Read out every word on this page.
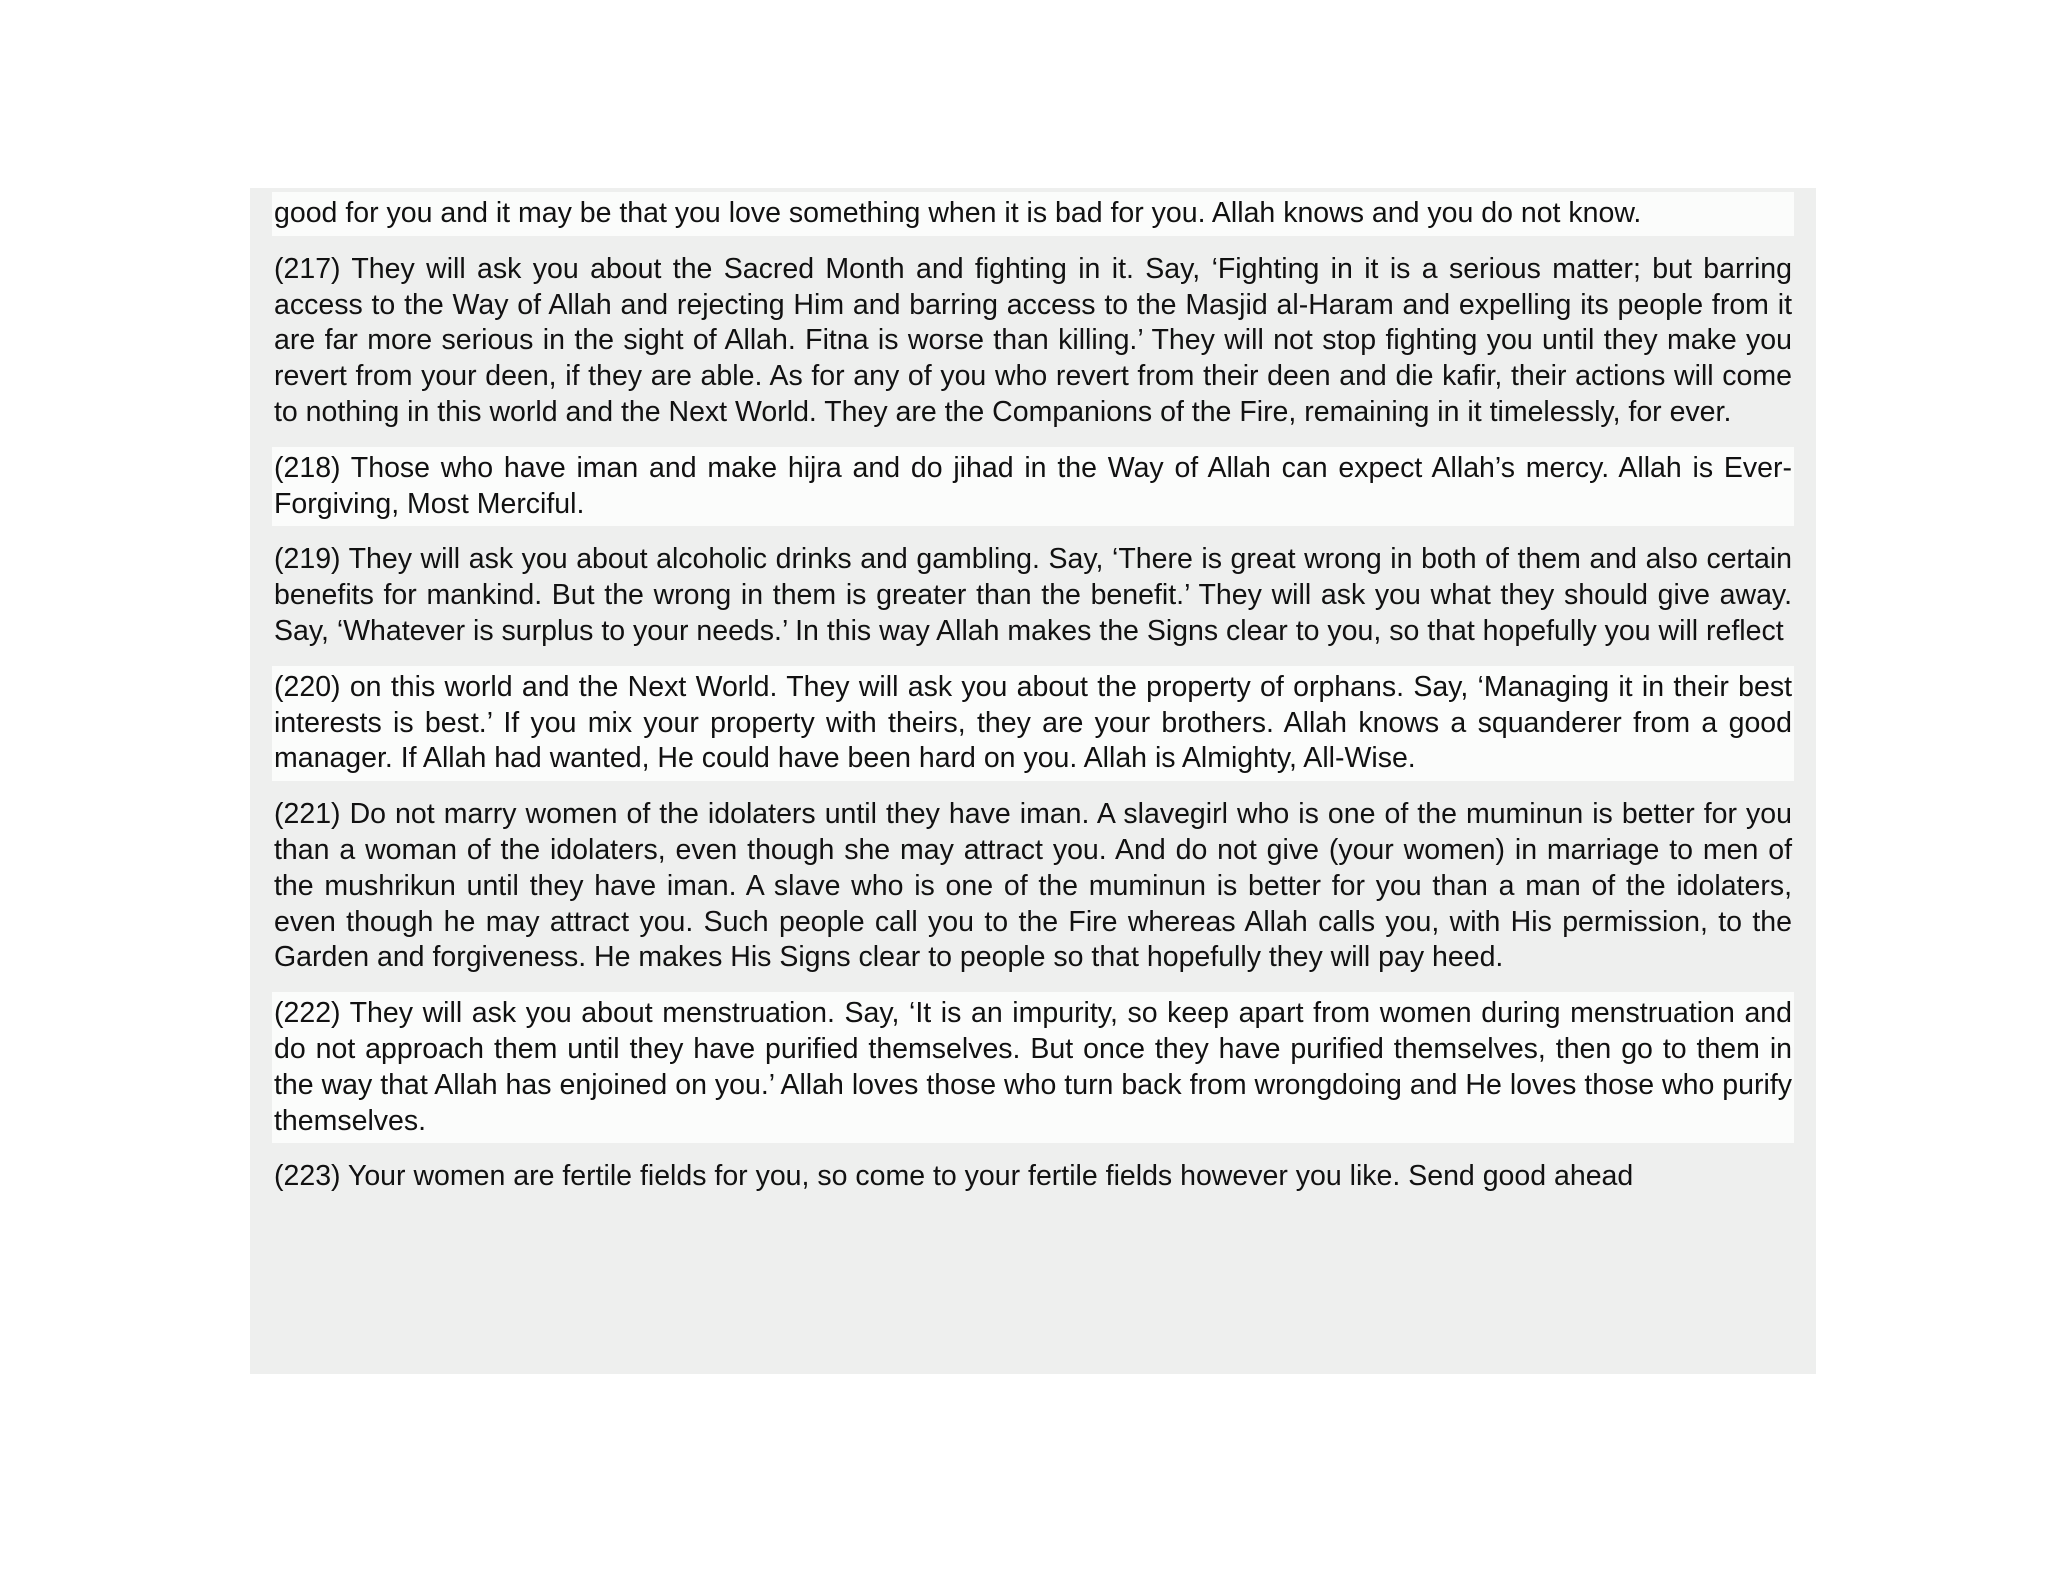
good for you and it may be that you love something when it is bad for you. Allah knows and you do not know.
(217) They will ask you about the Sacred Month and fighting in it. Say, ‘Fighting in it is a serious matter; but barring access to the Way of Allah and rejecting Him and barring access to the Masjid al-Haram and expelling its people from it are far more serious in the sight of Allah. Fitna is worse than killing.’ They will not stop fighting you until they make you revert from your deen, if they are able. As for any of you who revert from their deen and die kafir, their actions will come to nothing in this world and the Next World. They are the Companions of the Fire, remaining in it timelessly, for ever.
(218) Those who have iman and make hijra and do jihad in the Way of Allah can expect Allah’s mercy. Allah is Ever-Forgiving, Most Merciful.
(219) They will ask you about alcoholic drinks and gambling. Say, ‘There is great wrong in both of them and also certain benefits for mankind. But the wrong in them is greater than the benefit.’ They will ask you what they should give away. Say, ‘Whatever is surplus to your needs.’ In this way Allah makes the Signs clear to you, so that hopefully you will reflect
(220) on this world and the Next World. They will ask you about the property of orphans. Say, ‘Managing it in their best interests is best.’ If you mix your property with theirs, they are your brothers. Allah knows a squanderer from a good manager. If Allah had wanted, He could have been hard on you. Allah is Almighty, All-Wise.
(221) Do not marry women of the idolaters until they have iman. A slavegirl who is one of the muminun is better for you than a woman of the idolaters, even though she may attract you. And do not give (your women) in marriage to men of the mushrikun until they have iman. A slave who is one of the muminun is better for you than a man of the idolaters, even though he may attract you. Such people call you to the Fire whereas Allah calls you, with His permission, to the Garden and forgiveness. He makes His Signs clear to people so that hopefully they will pay heed.
(222) They will ask you about menstruation. Say, ‘It is an impurity, so keep apart from women during menstruation and do not approach them until they have purified themselves. But once they have purified themselves, then go to them in the way that Allah has enjoined on you.’ Allah loves those who turn back from wrongdoing and He loves those who purify themselves.
(223) Your women are fertile fields for you, so come to your fertile fields however you like. Send good ahead
